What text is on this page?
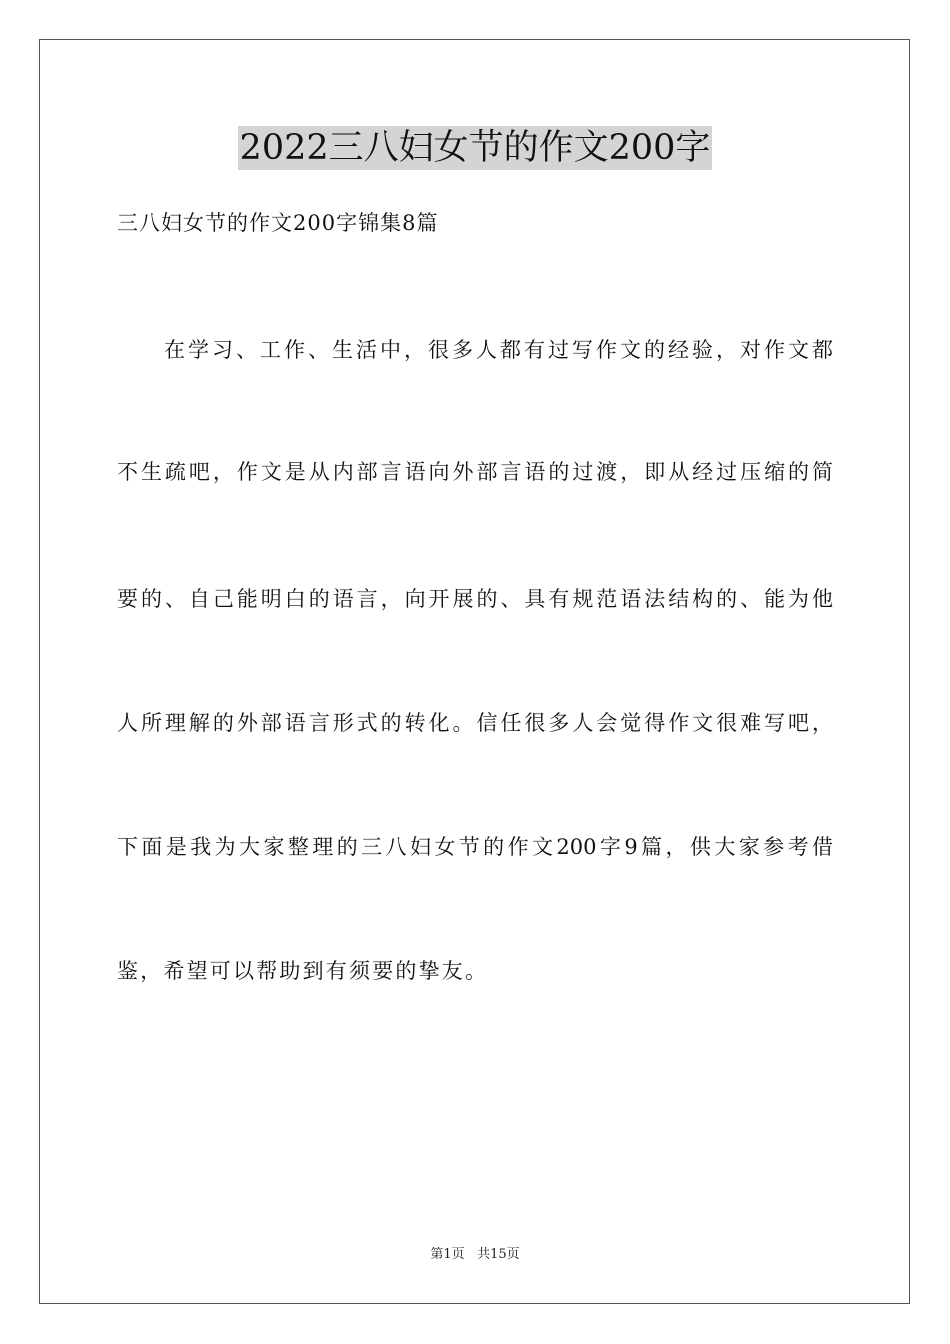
2022三八妇女节的作文200字
三八妇女节的作文200字锦集8篇
在学习、工作、生活中，很多人都有过写作文的经验，对作文都
不生疏吧，作文是从内部言语向外部言语的过渡，即从经过压缩的简
要的、自己能明白的语言，向开展的、具有规范语法结构的、能为他
人所理解的外部语言形式的转化。信任很多人会觉得作文很难写吧，
下面是我为大家整理的三八妇女节的作文200字9篇，供大家参考借
鉴，希望可以帮助到有须要的挚友。
第1页 共15页
